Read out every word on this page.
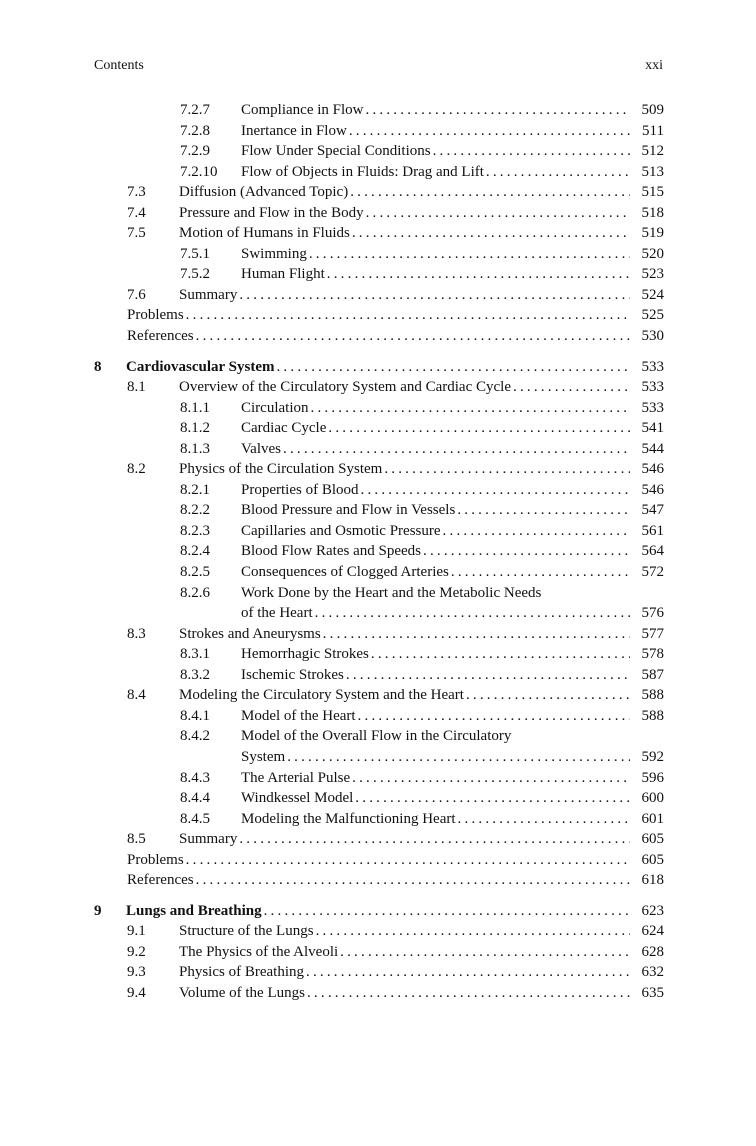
Contents	xxi
7.2.7 Compliance in Flow .....	509
7.2.8 Inertance in Flow .....	511
7.2.9 Flow Under Special Conditions .....	512
7.2.10 Flow of Objects in Fluids: Drag and Lift .....	513
7.3 Diffusion (Advanced Topic) .....	515
7.4 Pressure and Flow in the Body .....	518
7.5 Motion of Humans in Fluids .....	519
7.5.1 Swimming .....	520
7.5.2 Human Flight .....	523
7.6 Summary .....	524
Problems .....	525
References .....	530
8 Cardiovascular System .....	533
8.1 Overview of the Circulatory System and Cardiac Cycle .....	533
8.1.1 Circulation .....	533
8.1.2 Cardiac Cycle .....	541
8.1.3 Valves .....	544
8.2 Physics of the Circulation System .....	546
8.2.1 Properties of Blood .....	546
8.2.2 Blood Pressure and Flow in Vessels .....	547
8.2.3 Capillaries and Osmotic Pressure .....	561
8.2.4 Blood Flow Rates and Speeds .....	564
8.2.5 Consequences of Clogged Arteries .....	572
8.2.6 Work Done by the Heart and the Metabolic Needs
of the Heart .....	576
8.3 Strokes and Aneurysms .....	577
8.3.1 Hemorrhagic Strokes .....	578
8.3.2 Ischemic Strokes .....	587
8.4 Modeling the Circulatory System and the Heart .....	588
8.4.1 Model of the Heart .....	588
8.4.2 Model of the Overall Flow in the Circulatory
System .....	592
8.4.3 The Arterial Pulse .....	596
8.4.4 Windkessel Model .....	600
8.4.5 Modeling the Malfunctioning Heart .....	601
8.5 Summary .....	605
Problems .....	605
References .....	618
9 Lungs and Breathing .....	623
9.1 Structure of the Lungs .....	624
9.2 The Physics of the Alveoli .....	628
9.3 Physics of Breathing .....	632
9.4 Volume of the Lungs .....	635
